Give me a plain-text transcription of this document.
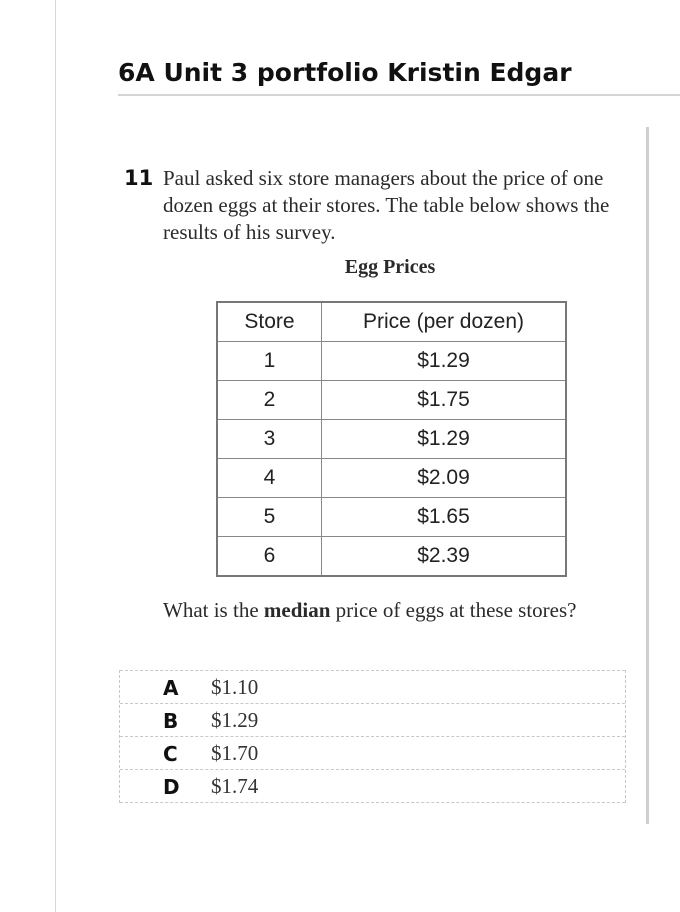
6A Unit 3 portfolio Kristin Edgar
11 Paul asked six store managers about the price of one dozen eggs at their stores. The table below shows the results of his survey.
Egg Prices
Store	Price (per dozen)
1	$1.29
2	$1.75
3	$1.29
4	$2.09
5	$1.65
6	$2.39
What is the median price of eggs at these stores?
A $1.10
B $1.29
C $1.70
D $1.74
